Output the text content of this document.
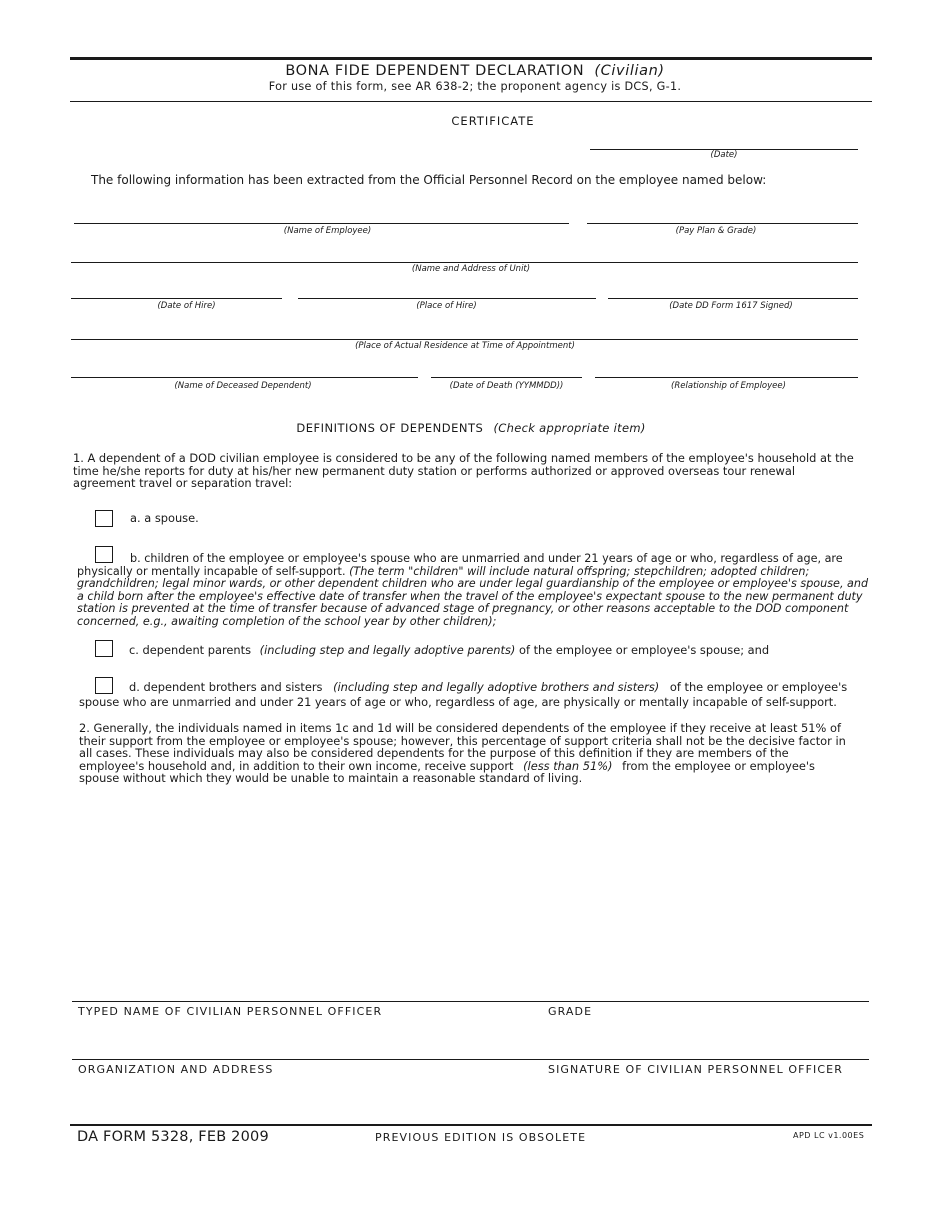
BONA FIDE DEPENDENT DECLARATION (Civilian)
For use of this form, see AR 638-2; the proponent agency is DCS, G-1.
CERTIFICATE
(Date)
The following information has been extracted from the Official Personnel Record on the employee named below:
(Name of Employee)	(Pay Plan & Grade)
(Name and Address of Unit)
(Date of Hire)	(Place of Hire)	(Date DD Form 1617 Signed)
(Place of Actual Residence at Time of Appointment)
(Name of Deceased Dependent)	(Date of Death (YYMMDD))	(Relationship of Employee)
DEFINITIONS OF DEPENDENTS (Check appropriate item)
1. A dependent of a DOD civilian employee is considered to be any of the following named members of the employee's household at the time he/she reports for duty at his/her new permanent duty station or performs authorized or approved overseas tour renewal agreement travel or separation travel:
a. a spouse.
b. children of the employee or employee's spouse who are unmarried and under 21 years of age or who, regardless of age, are physically or mentally incapable of self-support. (The term "children" will include natural offspring; stepchildren; adopted children; grandchildren; legal minor wards, or other dependent children who are under legal guardianship of the employee or employee's spouse, and a child born after the employee's effective date of transfer when the travel of the employee's expectant spouse to the new permanent duty station is prevented at the time of transfer because of advanced stage of pregnancy, or other reasons acceptable to the DOD component concerned, e.g., awaiting completion of the school year by other children);
c. dependent parents (including step and legally adoptive parents) of the employee or employee's spouse; and
d. dependent brothers and sisters (including step and legally adoptive brothers and sisters) of the employee or employee's
spouse who are unmarried and under 21 years of age or who, regardless of age, are physically or mentally incapable of self-support.
2. Generally, the individuals named in items 1c and 1d will be considered dependents of the employee if they receive at least 51% of their support from the employee or employee's spouse; however, this percentage of support criteria shall not be the decisive factor in all cases. These individuals may also be considered dependents for the purpose of this definition if they are members of the employee's household and, in addition to their own income, receive support (less than 51%) from the employee or employee's spouse without which they would be unable to maintain a reasonable standard of living.
TYPED NAME OF CIVILIAN PERSONNEL OFFICER	GRADE
ORGANIZATION AND ADDRESS	SIGNATURE OF CIVILIAN PERSONNEL OFFICER
DA FORM 5328, FEB 2009	PREVIOUS EDITION IS OBSOLETE	APD LC v1.00ES
